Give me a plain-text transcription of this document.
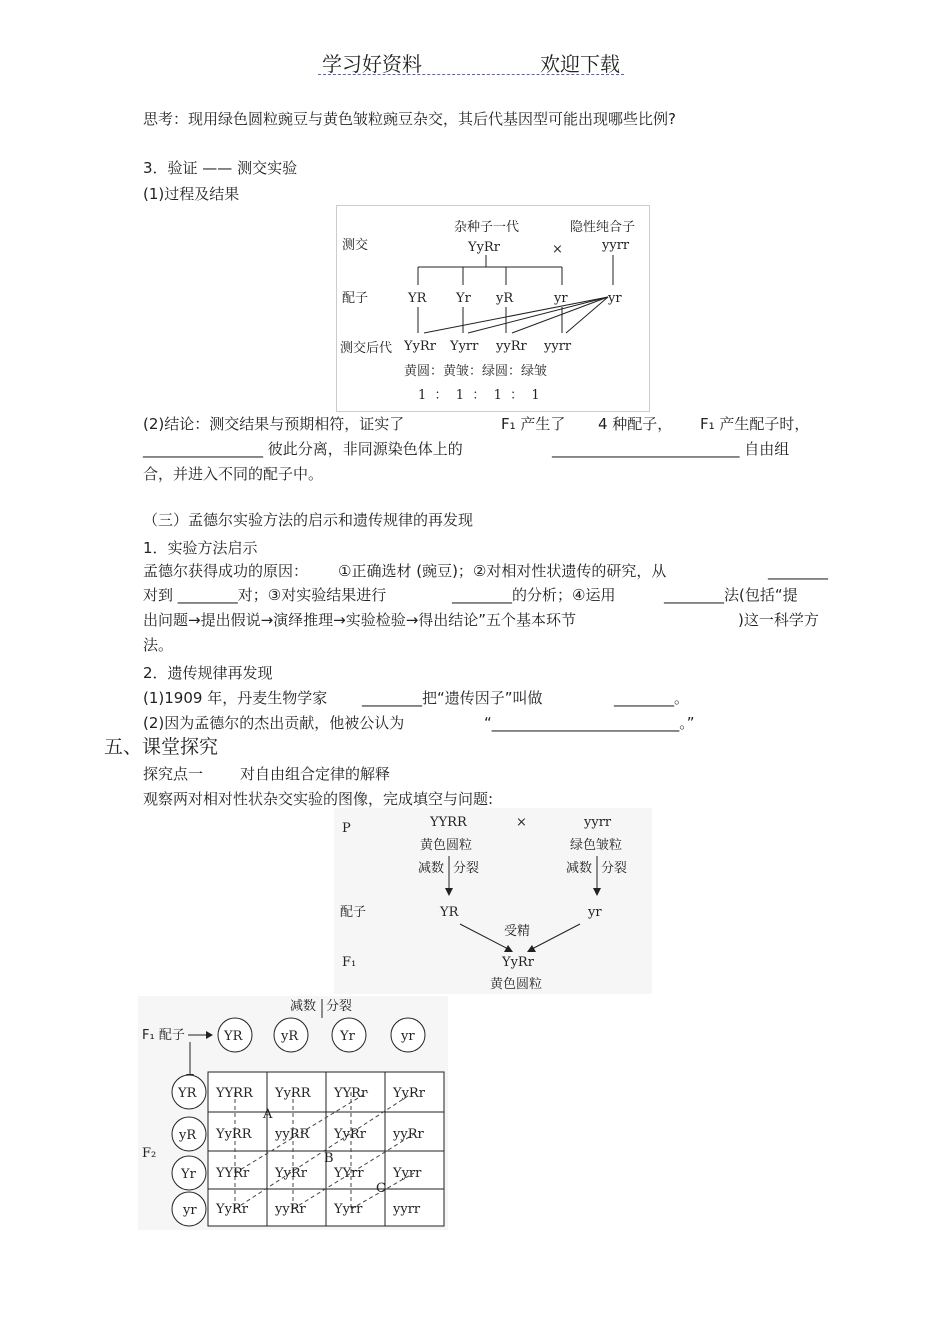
学习好资料	欢迎下载
思考：现用绿色圆粒豌豆与黄色皱粒豌豆杂交，其后代基因型可能出现哪些比例?
3．验证 —— 测交实验
(1)过程及结果
杂种子一代	隐性纯合子
测交	YyRr	×	yyrr
配子	YR Yr yR	yr	yr
测交后代 YyRr Yyrr yyRr yyrr
黄圆：黄皱：绿圆：绿皱
1  ：  1  ：  1  ：  1
(2)结论：测交结果与预期相符，证实了	F₁ 产生了 4 种配子， F₁ 产生配子时，
________________ 彼此分离，非同源染色体上的	_________________________ 自由组
合，并进入不同的配子中。
（三）孟德尔实验方法的启示和遗传规律的再发现
1．实验方法启示
孟德尔获得成功的原因： ①正确选材 (豌豆)；②对相对性状遗传的研究，从	________
对到 ________对；③对实验结果进行	________的分析；④运用	________法(包括“提
出问题→提出假说→演绎推理→实验检验→得出结论”五个基本环节	)这一科学方
法。
2．遗传规律再发现
(1)1909 年，丹麦生物学家 ________把“遗传因子”叫做	________。
(2)因为孟德尔的杰出贡献，他被公认为	“_________________________。”
五、课堂探究
探究点一 对自由组合定律的解释
观察两对相对性状杂交实验的图像，完成填空与问题:
P	YYRR	×	yyrr
黄色圆粒	绿色皱粒
减数 分裂	减数 分裂
配子	YR	yr
受精
F₁	YyRr
黄色圆粒
减数 分裂
F₁ 配子
F₂
YR	yR	Yr	yr
YR
yR
Yr
yr
YYRR YyRR YYRr YyRr
YyRR yyRR YyRr yyRr
YYRr YyRr YYrr Yyrr
YyRr yyRr Yyrr yyrr
A
B
C
